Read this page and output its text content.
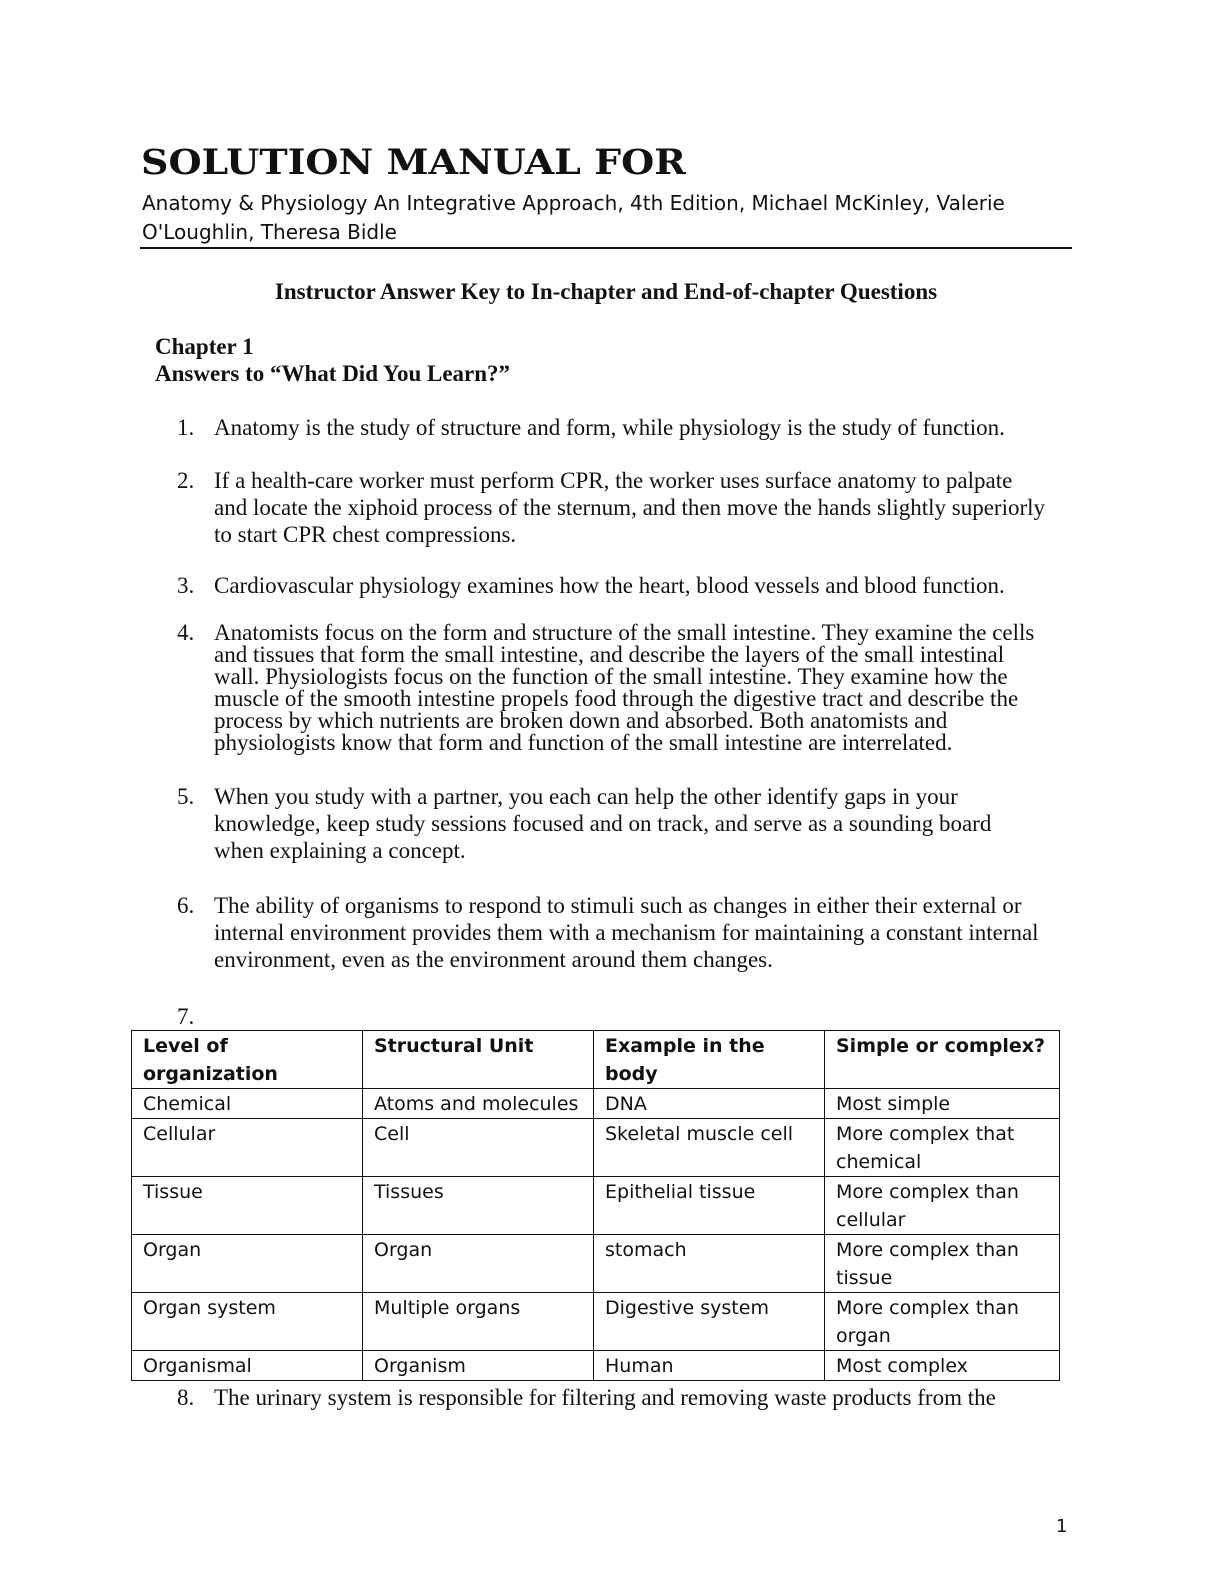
SOLUTION MANUAL FOR
Anatomy & Physiology An Integrative Approach, 4th Edition, Michael McKinley, Valerie
O'Loughlin, Theresa Bidle
Instructor Answer Key to In-chapter and End-of-chapter Questions
Chapter 1
Answers to “What Did You Learn?”
1. Anatomy is the study of structure and form, while physiology is the study of function.
2. If a health-care worker must perform CPR, the worker uses surface anatomy to palpate
and locate the xiphoid process of the sternum, and then move the hands slightly superiorly
to start CPR chest compressions.
3. Cardiovascular physiology examines how the heart, blood vessels and blood function.
4. Anatomists focus on the form and structure of the small intestine. They examine the cells
and tissues that form the small intestine, and describe the layers of the small intestinal
wall. Physiologists focus on the function of the small intestine. They examine how the
muscle of the smooth intestine propels food through the digestive tract and describe the
process by which nutrients are broken down and absorbed. Both anatomists and
physiologists know that form and function of the small intestine are interrelated.
5. When you study with a partner, you each can help the other identify gaps in your
knowledge, keep study sessions focused and on track, and serve as a sounding board
when explaining a concept.
6. The ability of organisms to respond to stimuli such as changes in either their external or
internal environment provides them with a mechanism for maintaining a constant internal
environment, even as the environment around them changes.
7.
8. The urinary system is responsible for filtering and removing waste products from the
Level of organization	Structural Unit	Example in the body	Simple or complex?
Chemical	Atoms and molecules	DNA	Most simple
Cellular	Cell	Skeletal muscle cell	More complex that chemical
Tissue	Tissues	Epithelial tissue	More complex than cellular
Organ	Organ	stomach	More complex than tissue
Organ system	Multiple organs	Digestive system	More complex than organ
Organismal	Organism	Human	Most complex
1
